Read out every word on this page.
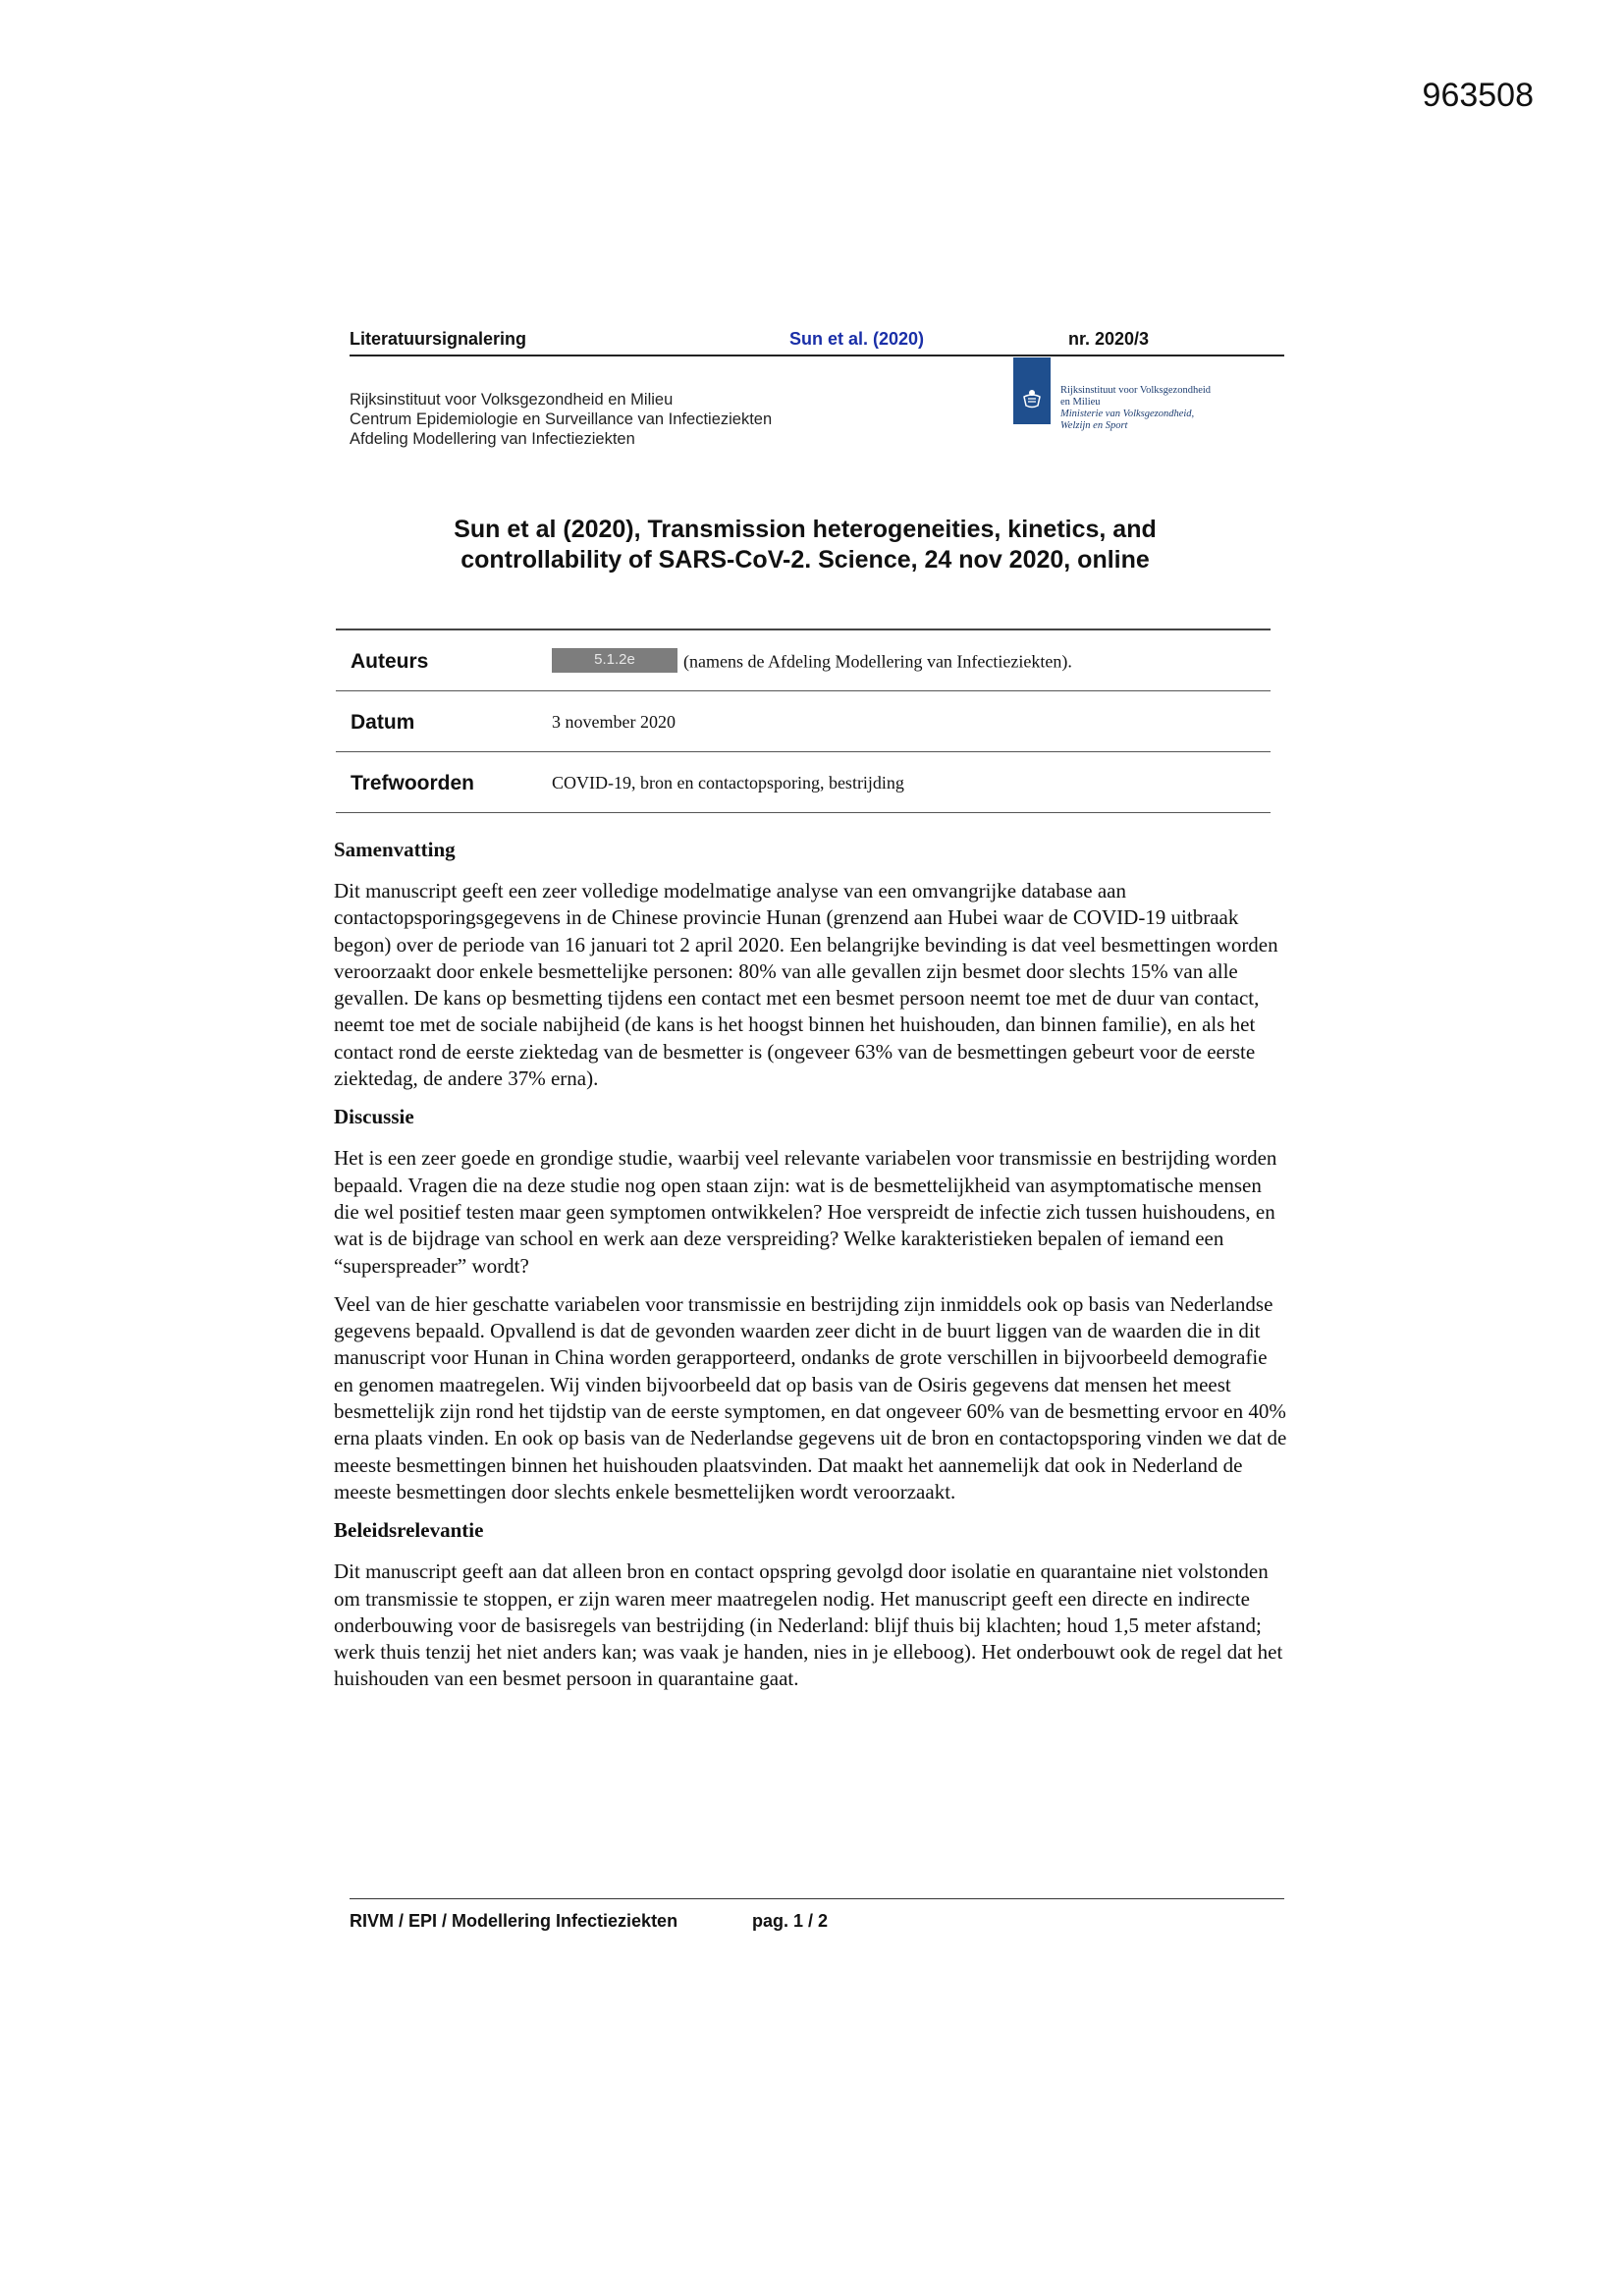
963508
Literatuursignalering	Sun et al. (2020)	nr. 2020/3
Rijksinstituut voor Volksgezondheid en Milieu
Centrum Epidemiologie en Surveillance van Infectieziekten
Afdeling Modellering van Infectieziekten
Rijksinstituut voor Volksgezondheid
en Milieu
Ministerie van Volksgezondheid,
Welzijn en Sport
Sun et al (2020), Transmission heterogeneities, kinetics, and
controllability of SARS-CoV-2. Science, 24 nov 2020, online
Auteurs	5.1.2e	(namens de Afdeling Modellering van Infectieziekten).
Datum	3 november 2020
Trefwoorden	COVID-19, bron en contactopsporing, bestrijding
Samenvatting

Dit manuscript geeft een zeer volledige modelmatige analyse van een omvangrijke database aan contactopsporingsgegevens in de Chinese provincie Hunan (grenzend aan Hubei waar de COVID-19 uitbraak begon) over de periode van 16 januari tot 2 april 2020. Een belangrijke bevinding is dat veel besmettingen worden veroorzaakt door enkele besmettelijke personen: 80% van alle gevallen zijn besmet door slechts 15% van alle gevallen. De kans op besmetting tijdens een contact met een besmet persoon neemt toe met de duur van contact, neemt toe met de sociale nabijheid (de kans is het hoogst binnen het huishouden, dan binnen familie), en als het contact rond de eerste ziektedag van de besmetter is (ongeveer 63% van de besmettingen gebeurt voor de eerste ziektedag, de andere 37% erna).

Discussie

Het is een zeer goede en grondige studie, waarbij veel relevante variabelen voor transmissie en bestrijding worden bepaald. Vragen die na deze studie nog open staan zijn: wat is de besmettelijkheid van asymptomatische mensen die wel positief testen maar geen symptomen ontwikkelen? Hoe verspreidt de infectie zich tussen huishoudens, en wat is de bijdrage van school en werk aan deze verspreiding? Welke karakteristieken bepalen of iemand een “superspreader” wordt?

Veel van de hier geschatte variabelen voor transmissie en bestrijding zijn inmiddels ook op basis van Nederlandse gegevens bepaald. Opvallend is dat de gevonden waarden zeer dicht in de buurt liggen van de waarden die in dit manuscript voor Hunan in China worden gerapporteerd, ondanks de grote verschillen in bijvoorbeeld demografie en genomen maatregelen. Wij vinden bijvoorbeeld dat op basis van de Osiris gegevens dat mensen het meest besmettelijk zijn rond het tijdstip van de eerste symptomen, en dat ongeveer 60% van de besmetting ervoor en 40% erna plaats vinden. En ook op basis van de Nederlandse gegevens uit de bron en contactopsporing vinden we dat de meeste besmettingen binnen het huishouden plaatsvinden. Dat maakt het aannemelijk dat ook in Nederland de meeste besmettingen door slechts enkele besmettelijken wordt veroorzaakt.

Beleidsrelevantie

Dit manuscript geeft aan dat alleen bron en contact opspring gevolgd door isolatie en quarantaine niet volstonden om transmissie te stoppen, er zijn waren meer maatregelen nodig. Het manuscript geeft een directe en indirecte onderbouwing voor de basisregels van bestrijding (in Nederland: blijf thuis bij klachten; houd 1,5 meter afstand; werk thuis tenzij het niet anders kan; was vaak je handen, nies in je elleboog). Het onderbouwt ook de regel dat het huishouden van een besmet persoon in quarantaine gaat.

RIVM / EPI / Modellering Infectieziekten	pag. 1 / 2
